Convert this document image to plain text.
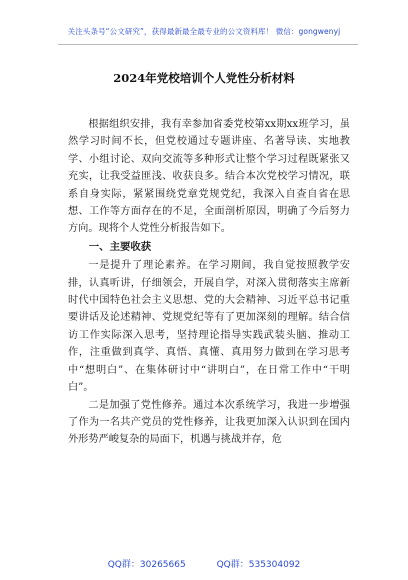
关注头条号“公文研究”，获得最新最全最专业的公文资料库！ 微信：gongwenyj
2024年党校培训个人党性分析材料

根据组织安排，我有幸参加省委党校第xx期xx班学习，虽然学习时间不长，但党校通过专题讲座、名著导读、实地教学、小组讨论、双向交流等多种形式让整个学习过程既紧张又充实，让我受益匪浅、收获良多。结合本次党校学习情况，联系自身实际，紧紧围绕党章党规党纪，我深入自查自省在思想、工作等方面存在的不足，全面剖析原因，明确了今后努力方向。现将个人党性分析报告如下。

一、主要收获

一是提升了理论素养。在学习期间，我自觉按照教学安排，认真听讲，仔细领会，开展自学，对深入贯彻落实主席新时代中国特色社会主义思想、党的大会精神、习近平总书记重要讲话及论述精神、党规党纪等有了更加深刻的理解。结合信访工作实际深入思考，坚持理论指导实践武装头脑、推动工作，注重做到真学、真悟、真懂、真用努力做到在学习思考中“想明白”、在集体研讨中“讲明白”，在日常工作中“干明白”。

二是加强了党性修养。通过本次系统学习，我进一步增强了作为一名共产党员的党性修养，让我更加深入认识到在国内外形势严峻复杂的局面下，机遇与挑战并存，危

QQ群：30265665	QQ群：535304092
